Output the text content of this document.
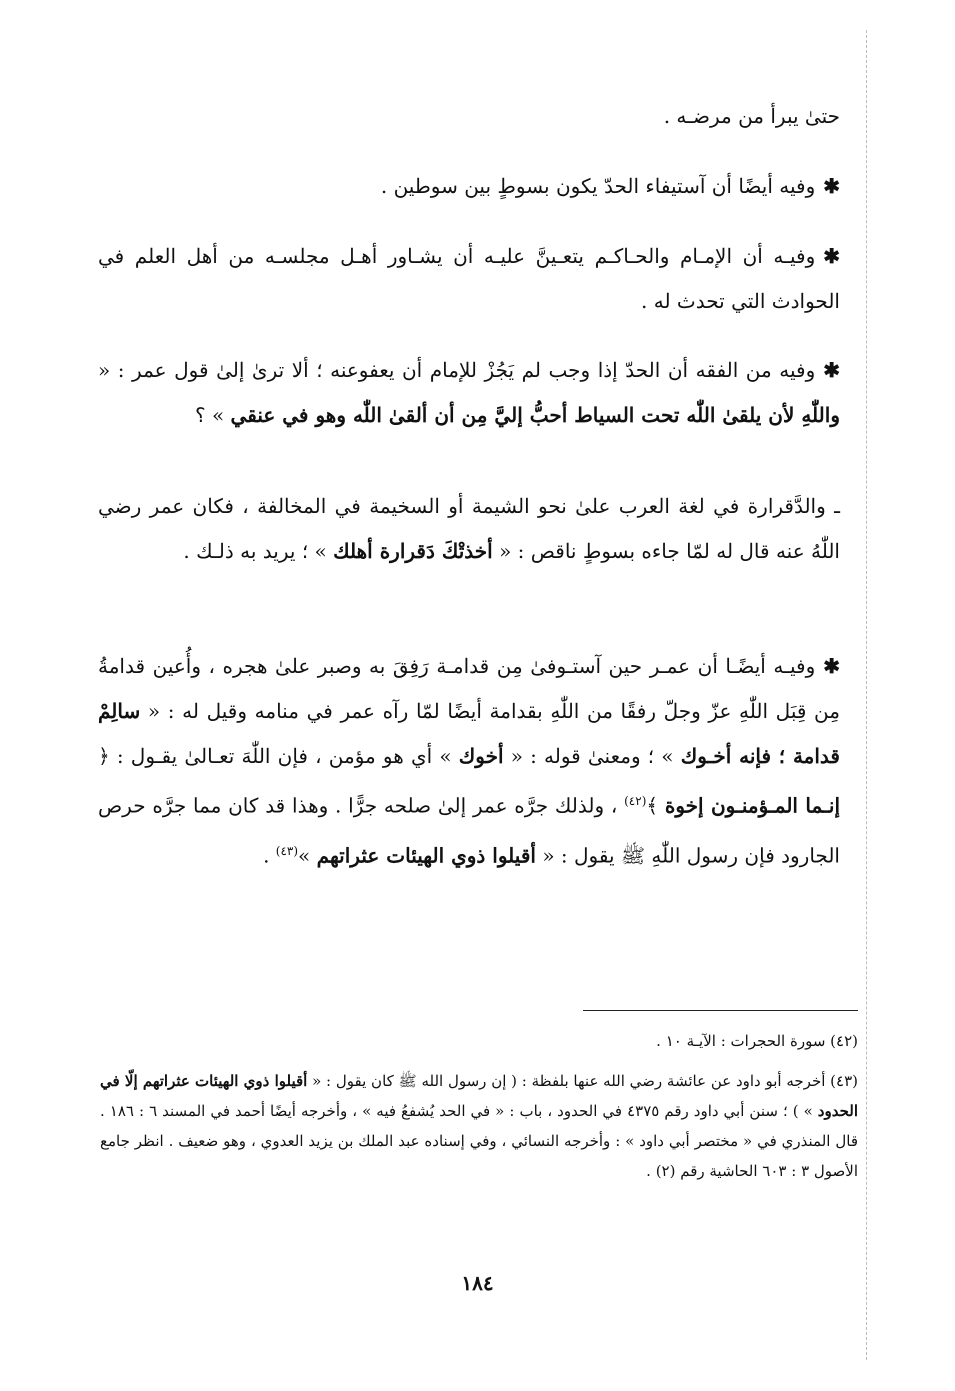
حتىٰ يبرأ من مرضـه .
✱وفيه أيضًا أن آستيفاء الحدّ يكون بسوطٍ بين سوطين .
✱وفيـه أن الإمـام والحـاكـم يتعـينَّ عليـه أن يشـاور أهـل مجلسـه من أهل العلم في الحوادث التي تحدث له .
✱وفيه من الفقه أن الحدّ إذا وجب لم يَجُزْ للإمام أن يعفوعنه ؛ ألا ترىٰ إلىٰ قول عمر : « واللّٰهِ لأن يلقىٰ اللّٰه تحت السياط أحبُّ إليَّ مِن أن ألقىٰ اللّٰه وهو في عنقي » ؟
ـ والدَّقرارة في لغة العرب علىٰ نحو الشيمة أو السخيمة في المخالفة ، فكان عمر رضي اللّٰهُ عنه قال له لمّا جاءه بسوطٍ ناقص : « أخذتْكَ دَقرارة أهلك » ؛ يريد به ذلـك .
✱وفيـه أيضًـا أن عمـر حين آستـوفىٰ مِن قدامـة رَفِقَ به وصبر علىٰ هجره ، وأُعين قدامةُ مِن قِبَل اللّٰهِ عزّ وجلّ رفقًا من اللّٰهِ بقدامة أيضًا لمّا رآه عمر في منامه وقيل له : « سالِمْ قدامة ؛ فإنه أخـوك » ؛ ومعنىٰ قوله : « أخوك » أي هو مؤمن ، فإن اللّٰهَ تعـالىٰ يقـول : ﴿ إنـما المـؤمنـون إخوة ﴾$^{(٤٢)}$ ، ولذلك جرَّه عمر إلىٰ صلحه جرًّا . وهذا قد كان مما جرَّه حرص الجارود فإن رسول اللّٰهِ ﷺ يقول : « أقيلوا ذوي الهيئات عثراتهم »$^{(٤٣)}$ .
(٤٢) سورة الحجرات : الآيـة ١٠ .
(٤٣) أخرجه أبو داود عن عائشة رضي الله عنها بلفظة : ( إن رسول الله ﷺ كان يقول : « أقيلوا ذوي الهيئات عثراتهم إلّا في الحدود » ) ؛ سنن أبي داود رقم ٤٣٧٥ في الحدود ، باب : « في الحد يُشفعُ فيه » ، وأخرجه أيضًا أحمد في المسند ٦ : ١٨٦ . قال المنذري في « مختصر أبي داود » : وأخرجه النسائي ، وفي إسناده عبد الملك بن يزيد العدوي ، وهو ضعيف . انظر جامع الأصول ٣ : ٦٠٣ الحاشية رقم (٢) .
١٨٤
